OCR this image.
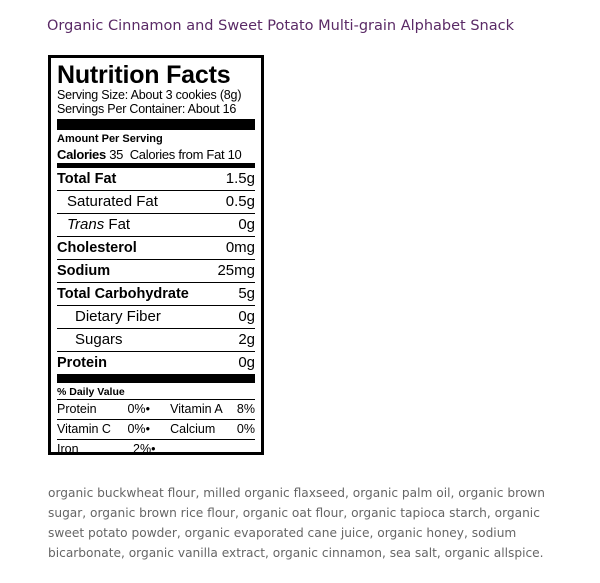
Organic Cinnamon and Sweet Potato Multi-grain Alphabet Snack
Nutrition Facts
Serving Size: About 3 cookies (8g)
Servings Per Container: About 16
Amount Per Serving
Calories 35 Calories from Fat 10
Total Fat	1.5g
Saturated Fat	0.5g
Trans Fat	0g
Cholesterol	0mg
Sodium	25mg
Total Carbohydrate	5g
Dietary Fiber	0g
Sugars	2g
Protein	0g
% Daily Value
Protein	0%•	Vitamin A	8%
Vitamin C	0%•	Calcium	0%
Iron	2%•
organic buckwheat flour, milled organic flaxseed, organic palm oil, organic brown sugar, organic brown rice flour, organic oat flour, organic tapioca starch, organic sweet potato powder, organic evaporated cane juice, organic honey, sodium bicarbonate, organic vanilla extract, organic cinnamon, sea salt, organic allspice.
